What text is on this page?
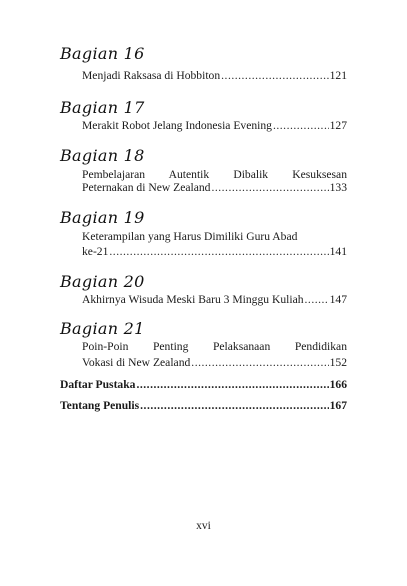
Bagian 16
Menjadi Raksasa di Hobbiton .....	121
Bagian 17
Merakit Robot Jelang Indonesia Evening .....	127
Bagian 18
Pembelajaran Autentik Dibalik Kesuksesan
Peternakan di New Zealand .....	133
Bagian 19
Keterampilan yang Harus Dimiliki Guru Abad
ke-21 .....	141
Bagian 20
Akhirnya Wisuda Meski Baru 3 Minggu Kuliah ..... 147
Bagian 21
Poin-Poin Penting Pelaksanaan Pendidikan
Vokasi di New Zealand .....	152
Daftar Pustaka .....	166
Tentang Penulis .....	167
xvi
